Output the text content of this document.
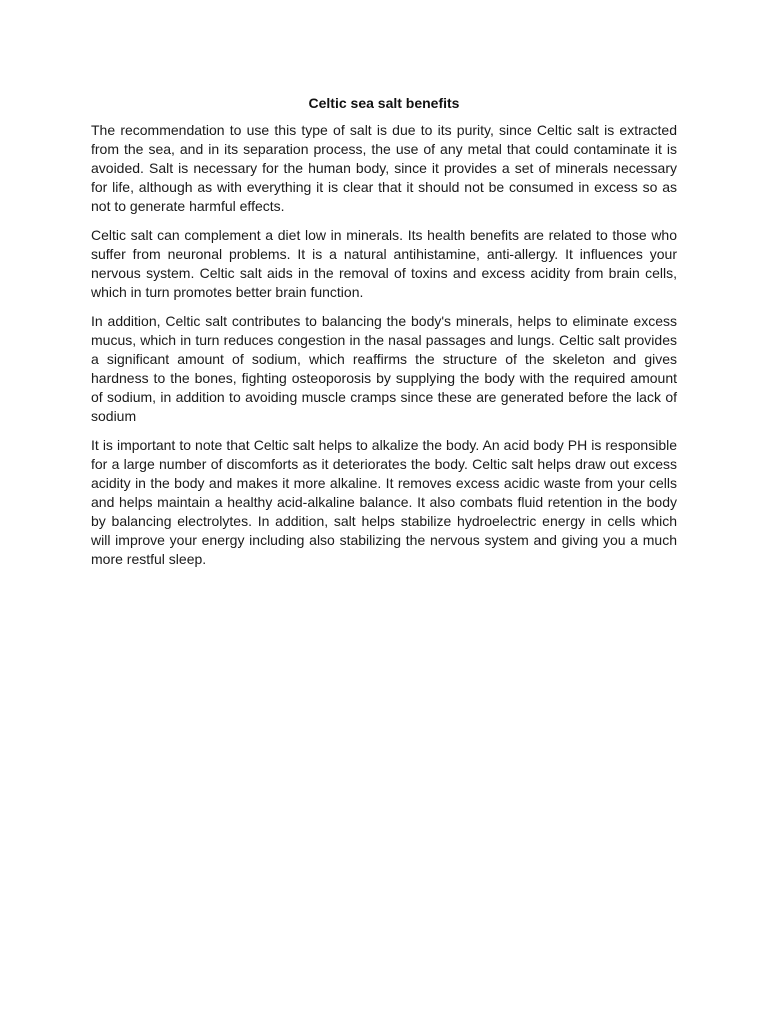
Celtic sea salt benefits

The recommendation to use this type of salt is due to its purity, since Celtic salt is extracted from the sea, and in its separation process, the use of any metal that could contaminate it is avoided. Salt is necessary for the human body, since it provides a set of minerals necessary for life, although as with everything it is clear that it should not be consumed in excess so as not to generate harmful effects.

Celtic salt can complement a diet low in minerals. Its health benefits are related to those who suffer from neuronal problems. It is a natural antihistamine, anti-allergy. It influences your nervous system. Celtic salt aids in the removal of toxins and excess acidity from brain cells, which in turn promotes better brain function.

In addition, Celtic salt contributes to balancing the body's minerals, helps to eliminate excess mucus, which in turn reduces congestion in the nasal passages and lungs. Celtic salt provides a significant amount of sodium, which reaffirms the structure of the skeleton and gives hardness to the bones, fighting osteoporosis by supplying the body with the required amount of sodium, in addition to avoiding muscle cramps since these are generated before the lack of sodium

It is important to note that Celtic salt helps to alkalize the body. An acid body PH is responsible for a large number of discomforts as it deteriorates the body. Celtic salt helps draw out excess acidity in the body and makes it more alkaline. It removes excess acidic waste from your cells and helps maintain a healthy acid-alkaline balance. It also combats fluid retention in the body by balancing electrolytes. In addition, salt helps stabilize hydroelectric energy in cells which will improve your energy including also stabilizing the nervous system and giving you a much more restful sleep.
